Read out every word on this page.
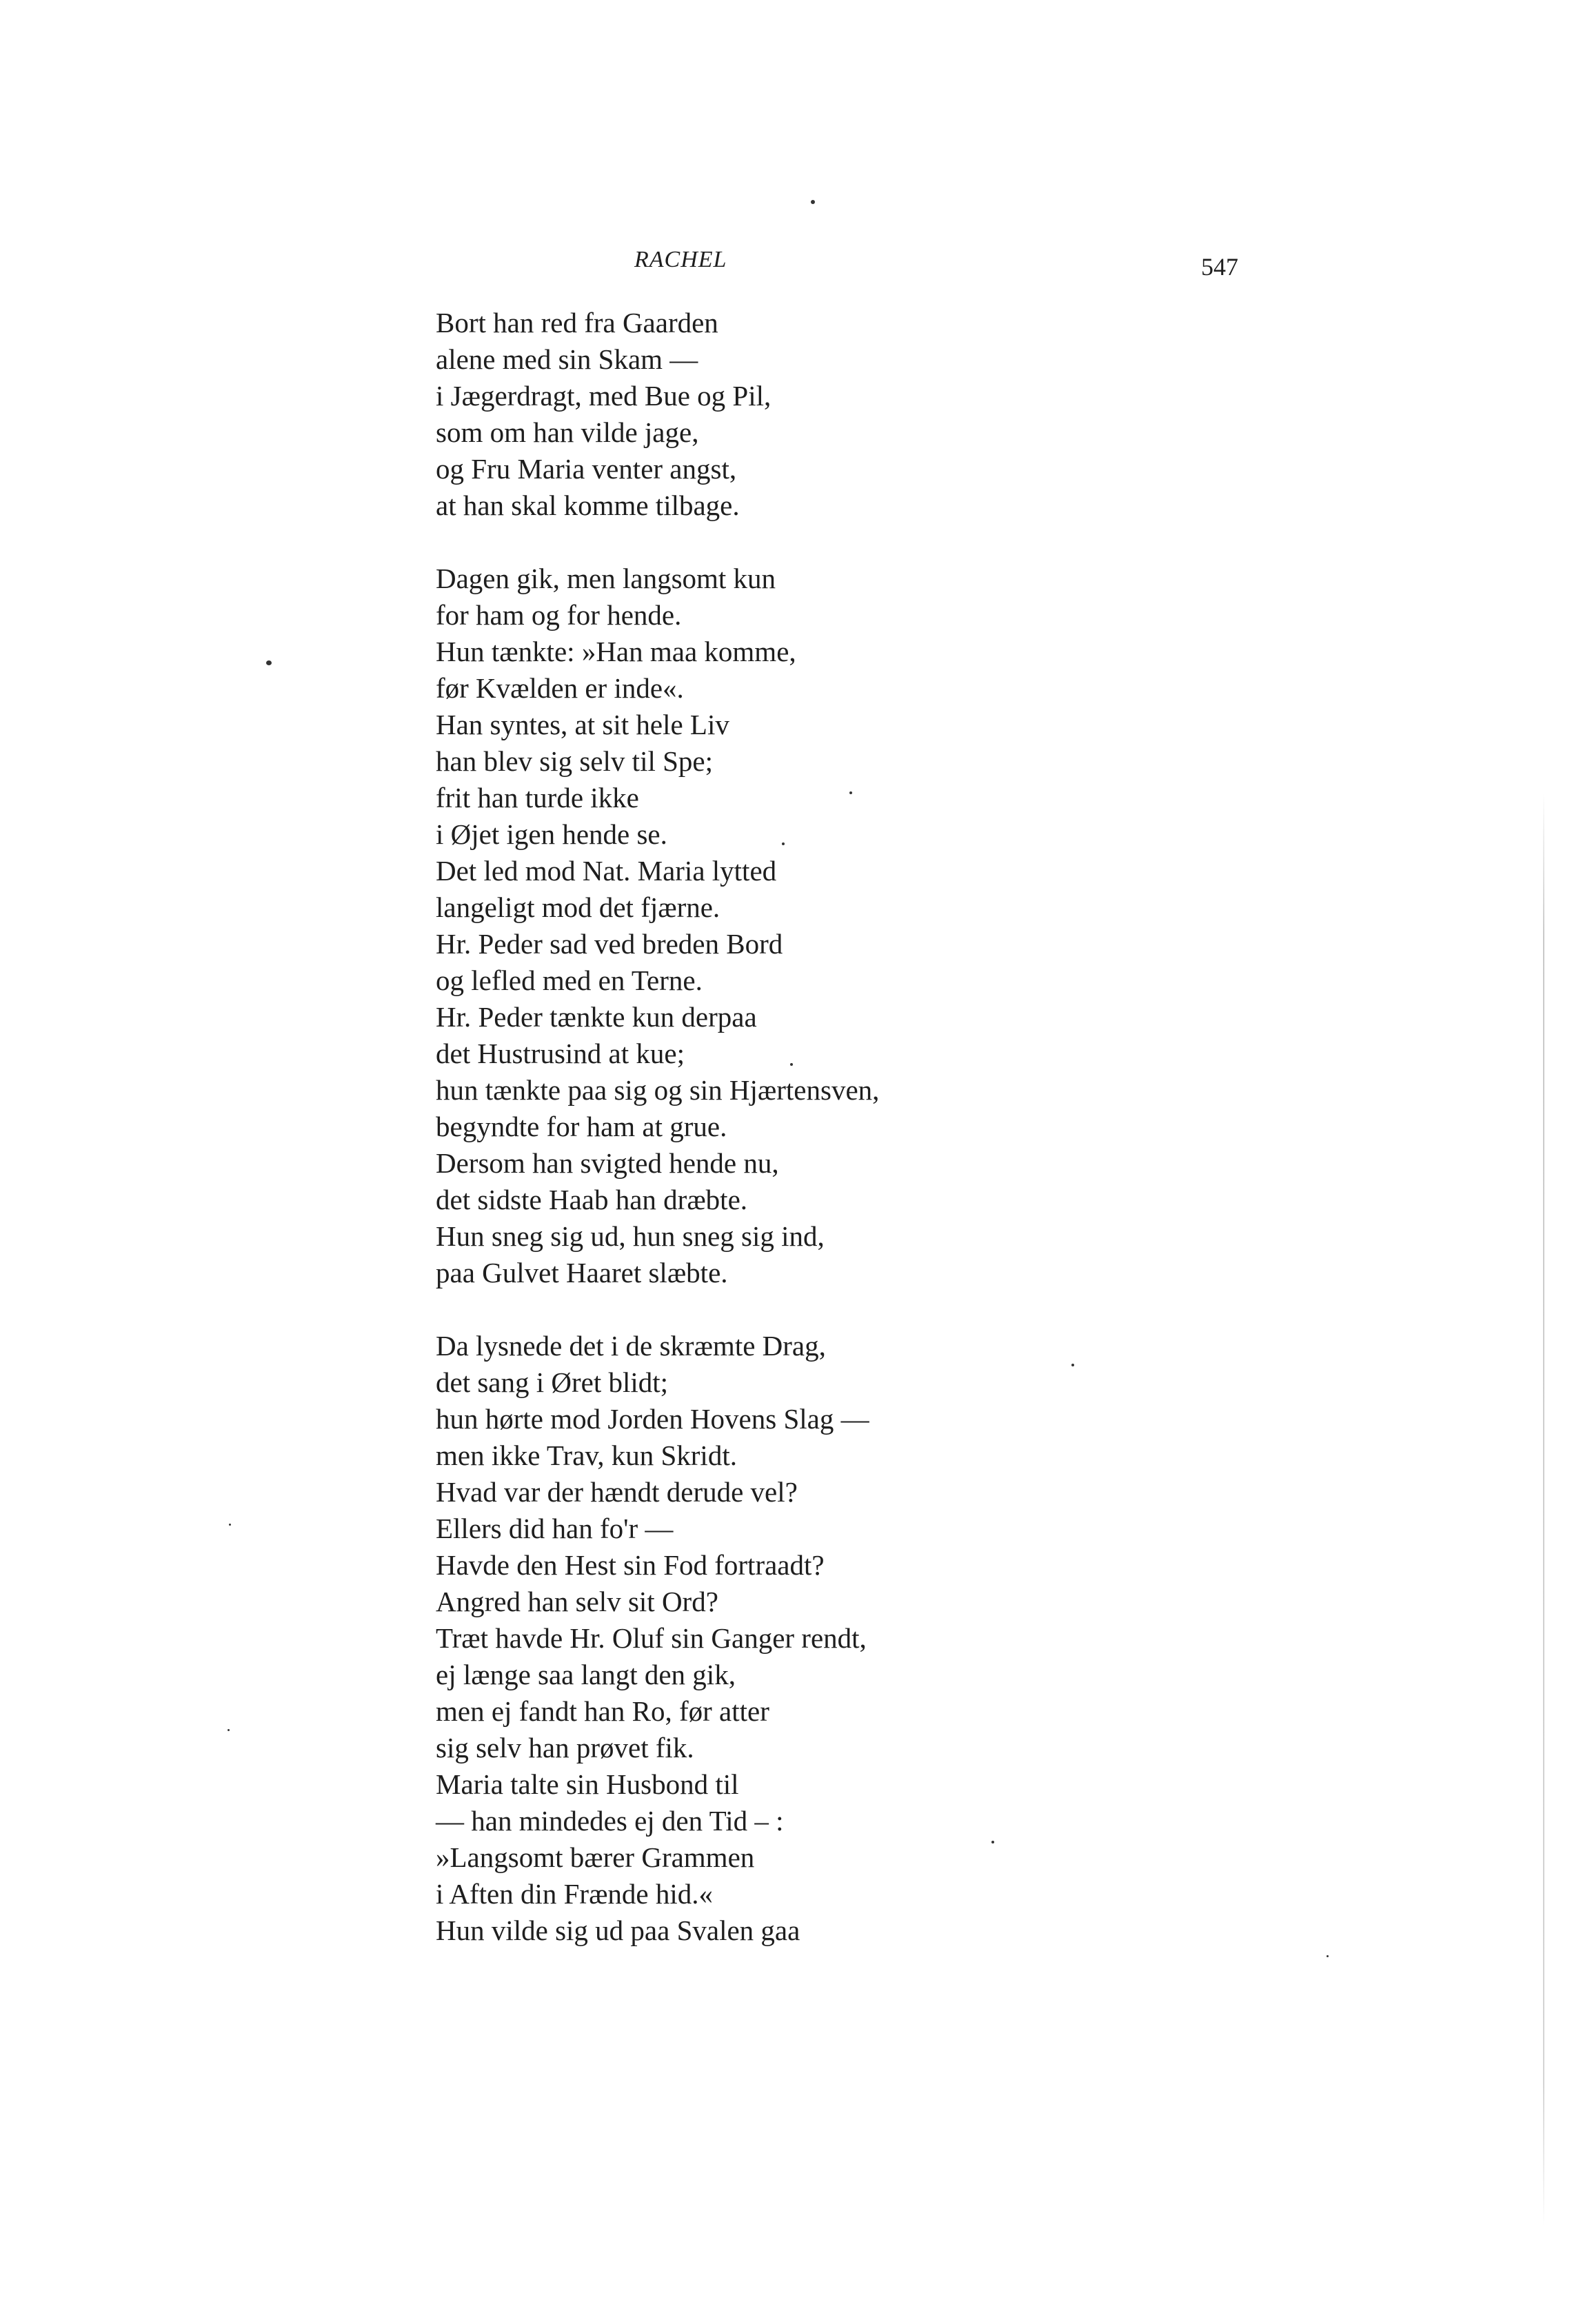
RACHEL	547
Bort han red fra Gaarden
alene med sin Skam —
i Jægerdragt, med Bue og Pil,
som om han vilde jage,
og Fru Maria venter angst,
at han skal komme tilbage.
Dagen gik, men langsomt kun
for ham og for hende.
Hun tænkte: »Han maa komme,
før Kvælden er inde«.
Han syntes, at sit hele Liv
han blev sig selv til Spe;
frit han turde ikke
i Øjet igen hende se.
Det led mod Nat. Maria lytted
langeligt mod det fjærne.
Hr. Peder sad ved breden Bord
og lefled med en Terne.
Hr. Peder tænkte kun derpaa
det Hustrusind at kue;
hun tænkte paa sig og sin Hjærtensven,
begyndte for ham at grue.
Dersom han svigted hende nu,
det sidste Haab han dræbte.
Hun sneg sig ud, hun sneg sig ind,
paa Gulvet Haaret slæbte.
Da lysnede det i de skræmte Drag,
det sang i Øret blidt;
hun hørte mod Jorden Hovens Slag —
men ikke Trav, kun Skridt.
Hvad var der hændt derude vel?
Ellers did han fo'r —
Havde den Hest sin Fod fortraadt?
Angred han selv sit Ord?
Træt havde Hr. Oluf sin Ganger rendt,
ej længe saa langt den gik,
men ej fandt han Ro, før atter
sig selv han prøvet fik.
Maria talte sin Husbond til
— han mindedes ej den Tid – :
»Langsomt bærer Grammen
i Aften din Frænde hid.«
Hun vilde sig ud paa Svalen gaa
